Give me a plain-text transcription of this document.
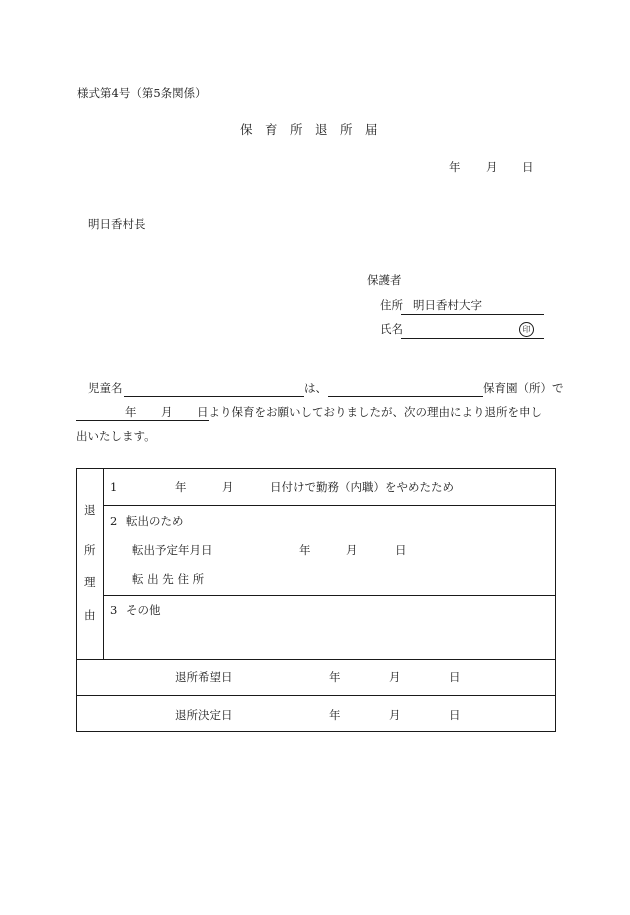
様式第4号（第5条関係）
保　育　所　退　所　届
年 月 日
明日香村長
保護者
住所 明日香村大字
氏名	印
児童名	は、	保育園（所）で
年 月 日より保育をお願いしておりましたが、次の理由により退所を申し
出いたします。
退
所
理
由
1	年	月	日付けで勤務（内職）をやめたため
2 転出のため
転出予定年月日	年	月	日
転 出 先 住 所
3 その他
退所希望日	年	月	日
退所決定日	年	月	日
